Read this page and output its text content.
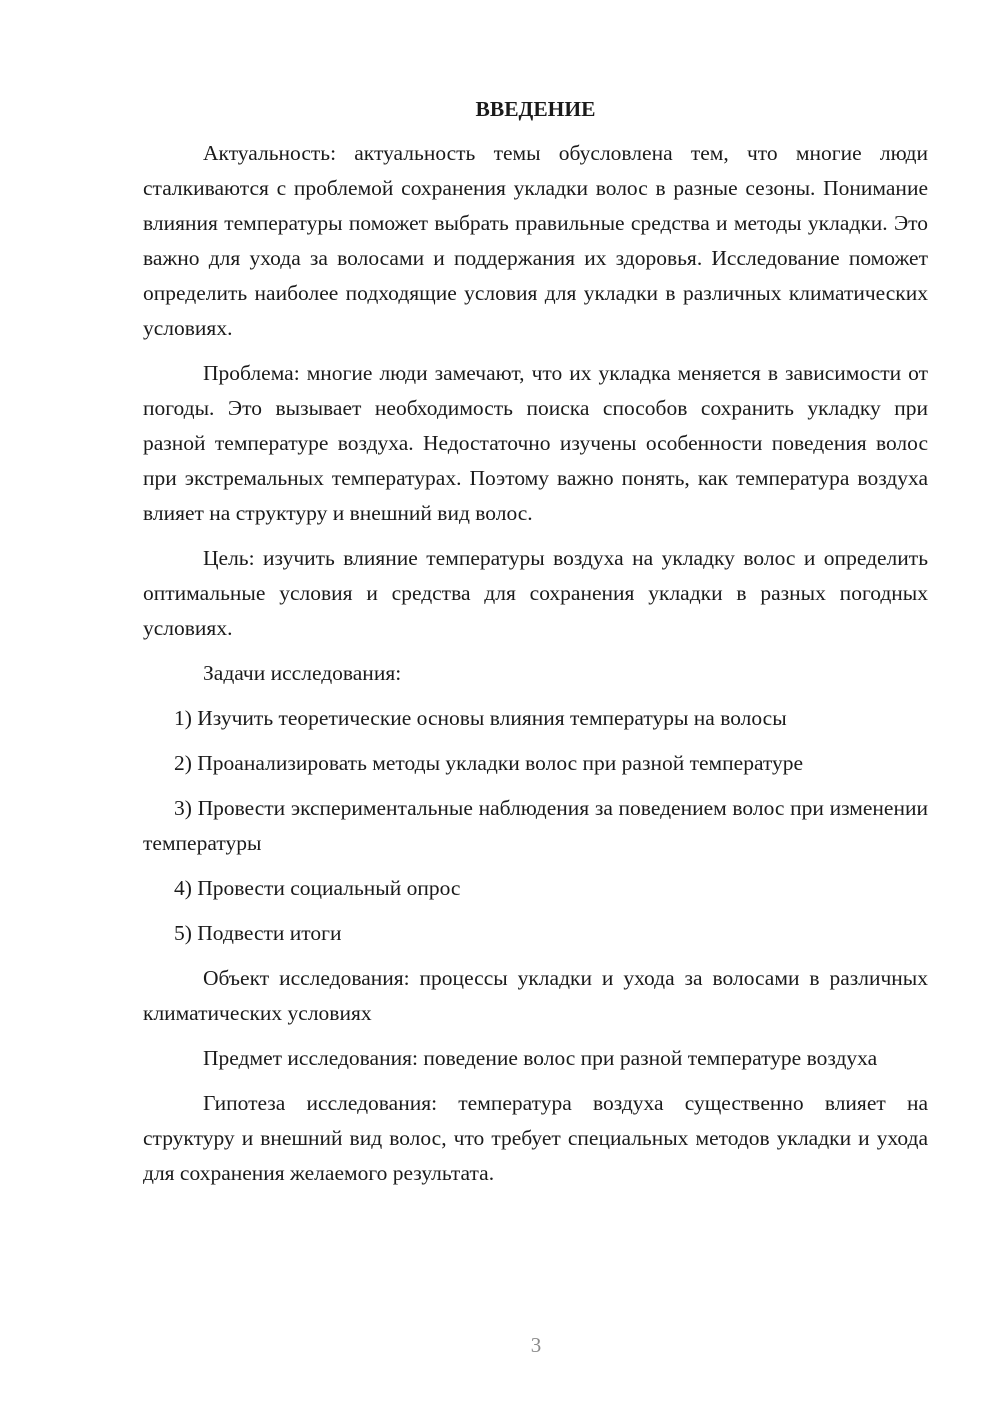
ВВЕДЕНИЕ

Актуальность: актуальность темы обусловлена тем, что многие люди сталкиваются с проблемой сохранения укладки волос в разные сезоны. Понимание влияния температуры поможет выбрать правильные средства и методы укладки. Это важно для ухода за волосами и поддержания их здоровья. Исследование поможет определить наиболее подходящие условия для укладки в различных климатических условиях.

Проблема: многие люди замечают, что их укладка меняется в зависимости от погоды. Это вызывает необходимость поиска способов сохранить укладку при разной температуре воздуха. Недостаточно изучены особенности поведения волос при экстремальных температурах. Поэтому важно понять, как температура воздуха влияет на структуру и внешний вид волос.

Цель: изучить влияние температуры воздуха на укладку волос и определить оптимальные условия и средства для сохранения укладки в разных погодных условиях.

Задачи исследования:

1) Изучить теоретические основы влияния температуры на волосы

2) Проанализировать методы укладки волос при разной температуре

3) Провести экспериментальные наблюдения за поведением волос при изменении температуры

4) Провести социальный опрос

5) Подвести итоги

Объект исследования: процессы укладки и ухода за волосами в различных климатических условиях

Предмет исследования: поведение волос при разной температуре воздуха

Гипотеза исследования: температура воздуха существенно влияет на структуру и внешний вид волос, что требует специальных методов укладки и ухода для сохранения желаемого результата.

3
